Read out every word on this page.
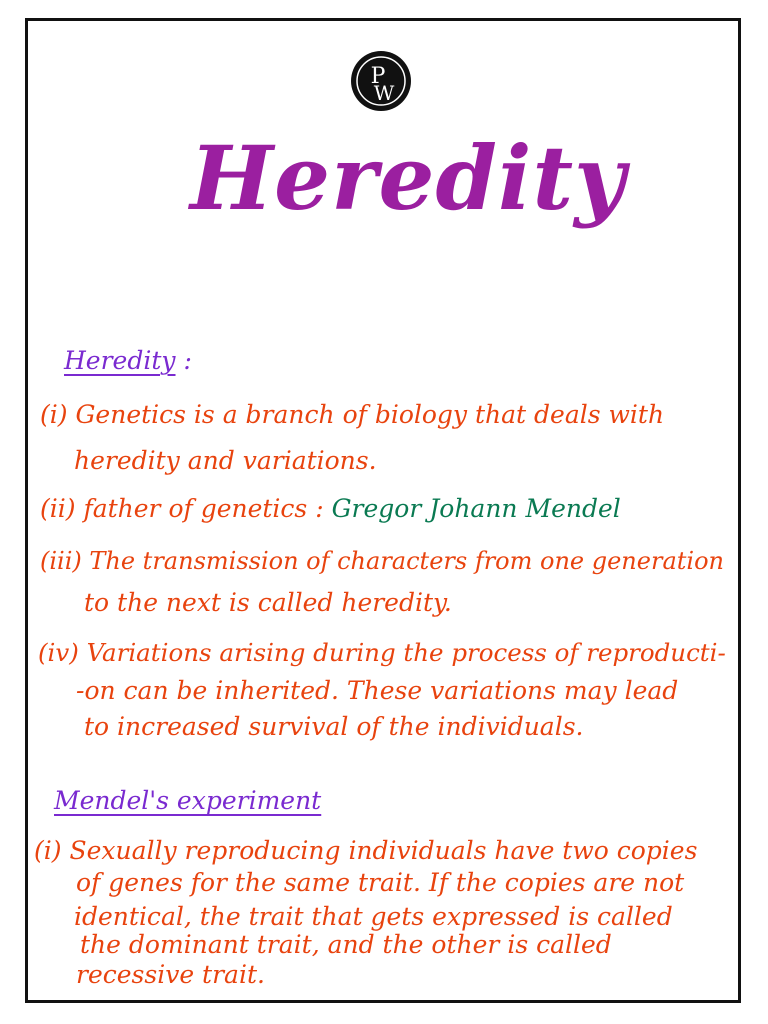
P
W
Heredity
Heredity :
(i) Genetics is a branch of biology that deals with
heredity and variations.
(ii) father of genetics : Gregor Johann Mendel
(iii) The transmission of characters from one generation
to the next is called heredity.
(iv) Variations arising during the process of reproducti-
-on can be inherited. These variations may lead
to increased survival of the individuals.
Mendel's experiment
(i) Sexually reproducing individuals have two copies
of genes for the same trait. If the copies are not
identical, the trait that gets expressed is called
the dominant trait, and the other is called
recessive trait.
